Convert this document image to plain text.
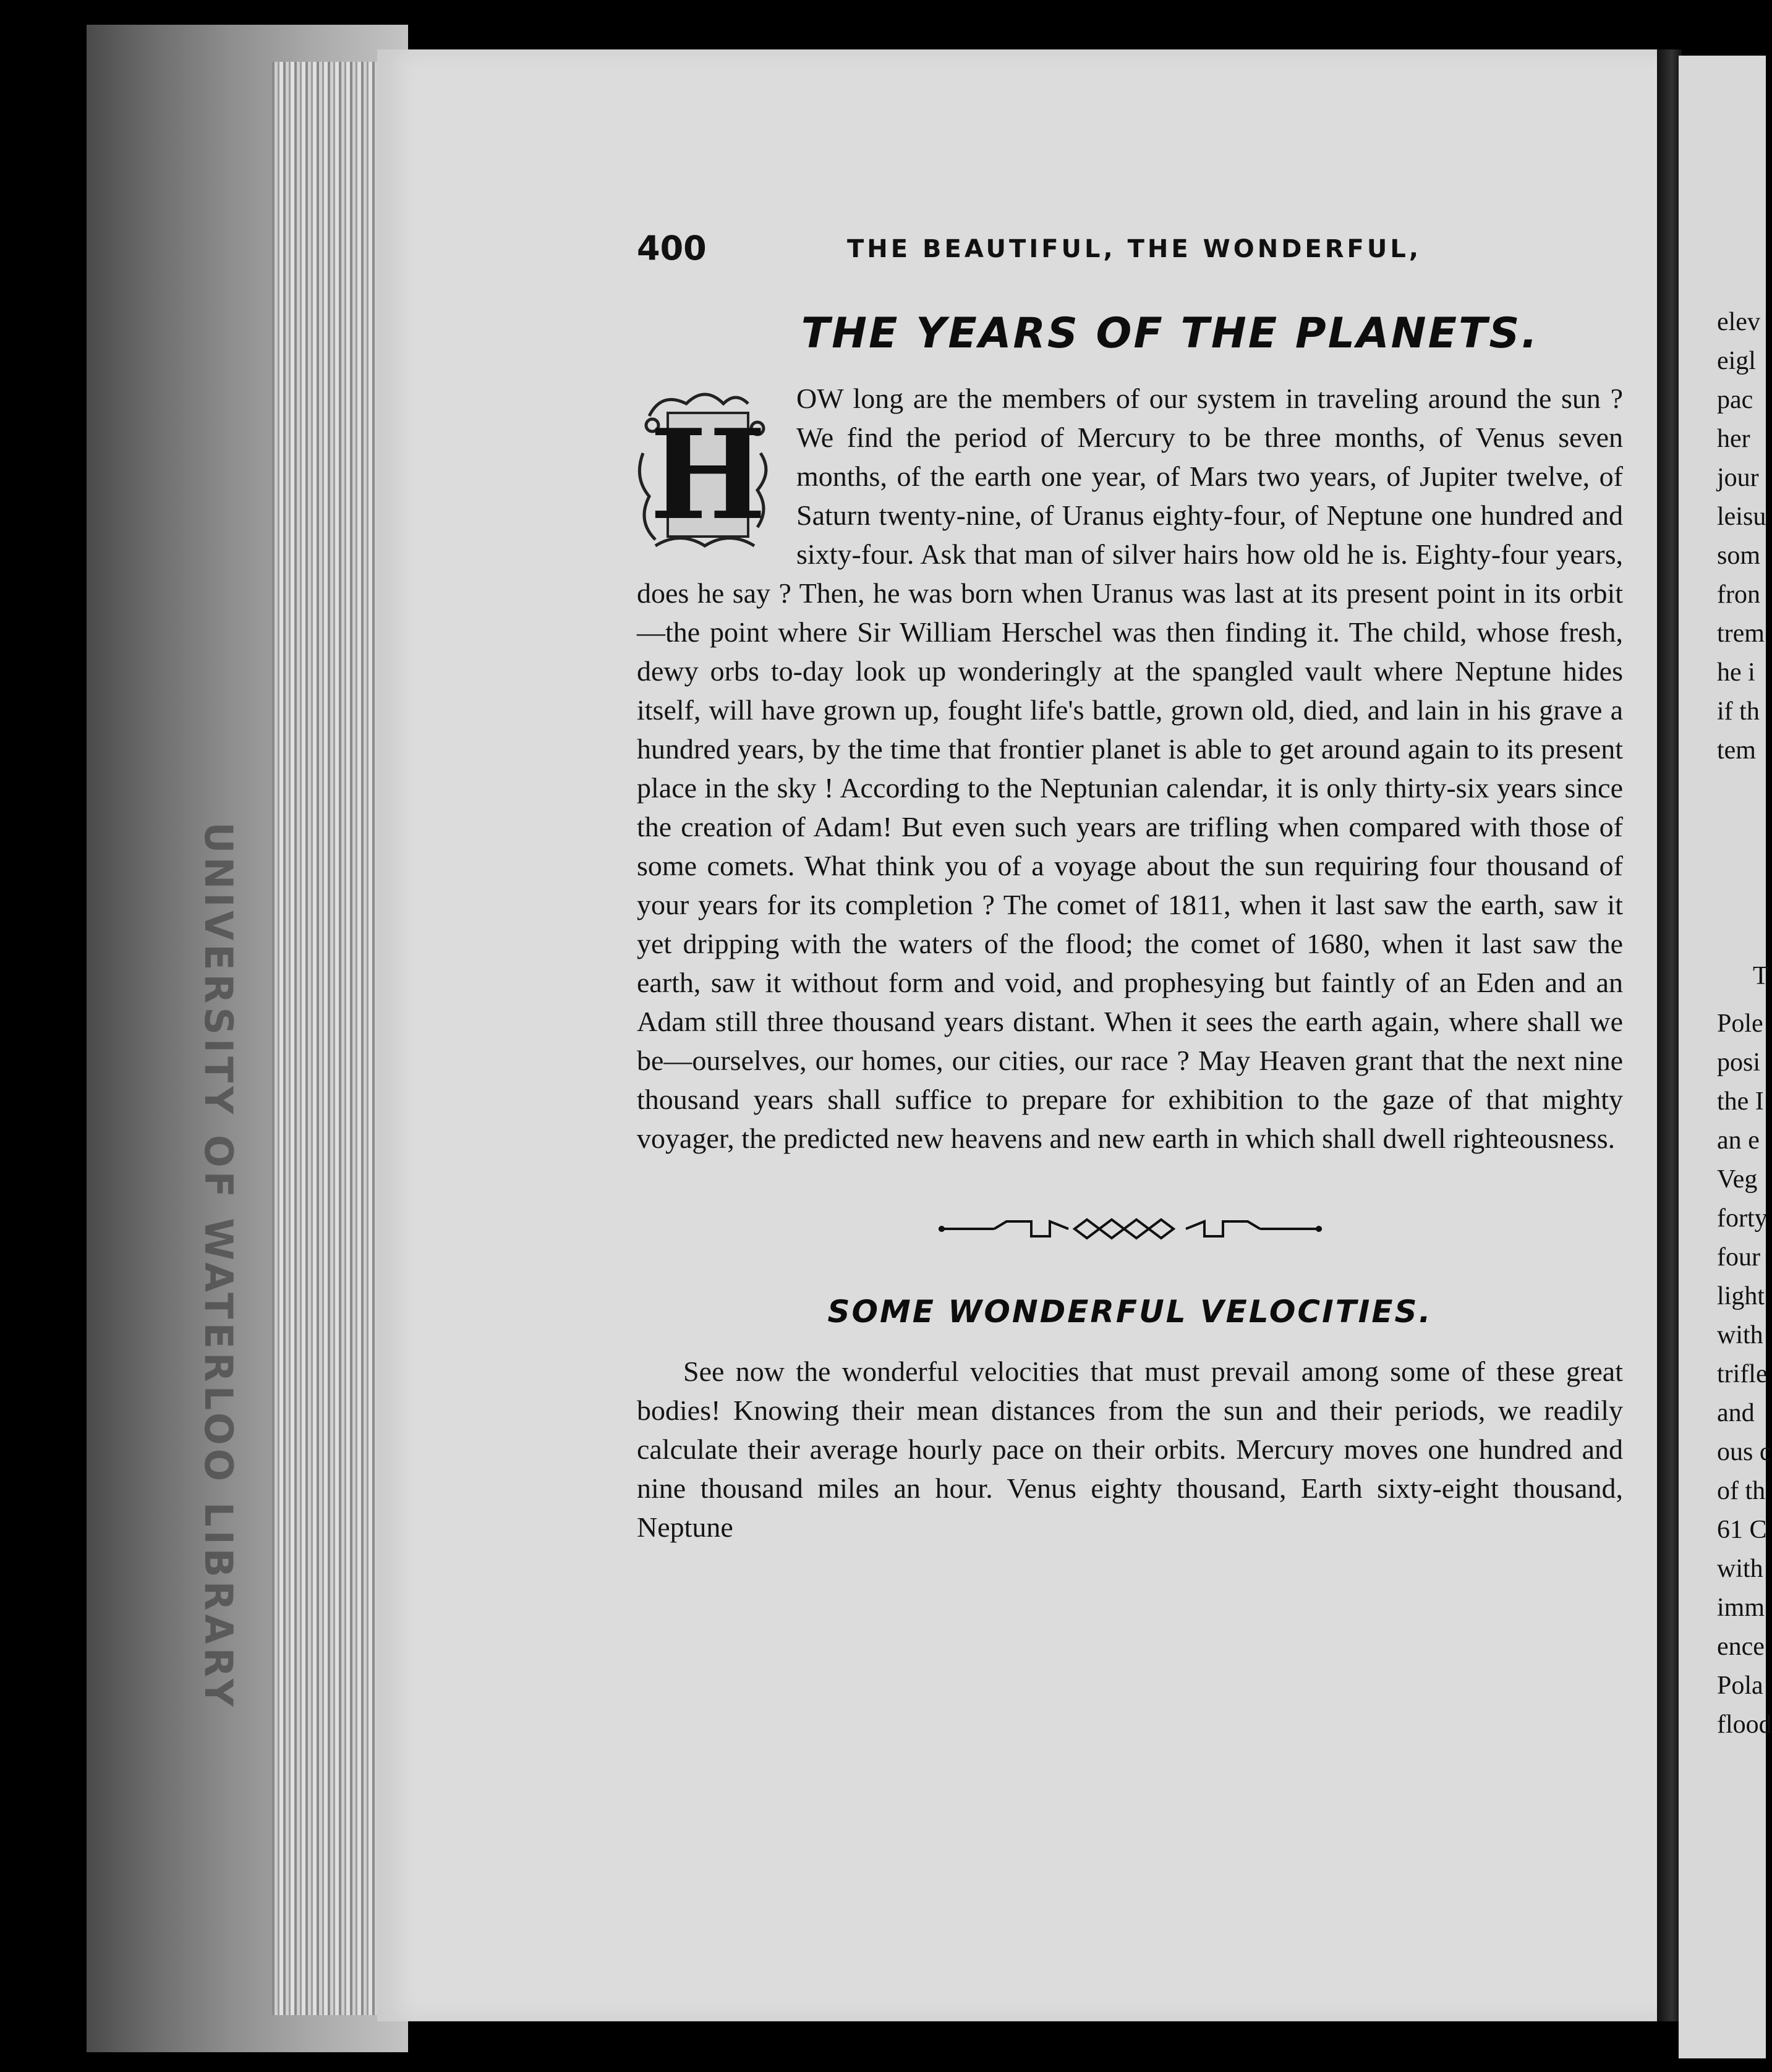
UNIVERSITY OF WATERLOO LIBRARY
400	THE BEAUTIFUL, THE WONDERFUL,
THE YEARS OF THE PLANETS.
H
OW long are the members of our system in traveling around the sun ? We find the period of Mercury to be three months, of Venus seven months, of the earth one year, of Mars two years, of Jupiter twelve, of Saturn twenty-nine, of Uranus eighty-four, of Neptune one hundred and sixty-four. Ask that man of silver hairs how old he is. Eighty-four years, does he say ? Then, he was born when Uranus was last at its present point in its orbit—the point where Sir William Herschel was then finding it. The child, whose fresh, dewy orbs to-day look up wonderingly at the spangled vault where Neptune hides itself, will have grown up, fought life's battle, grown old, died, and lain in his grave a hundred years, by the time that frontier planet is able to get around again to its present place in the sky ! According to the Neptunian calendar, it is only thirty-six years since the creation of Adam! But even such years are trifling when compared with those of some comets. What think you of a voyage about the sun requiring four thousand of your years for its completion ? The comet of 1811, when it last saw the earth, saw it yet dripping with the waters of the flood; the comet of 1680, when it last saw the earth, saw it without form and void, and prophesying but faintly of an Eden and an Adam still three thousand years distant. When it sees the earth again, where shall we be—ourselves, our homes, our cities, our race ? May Heaven grant that the next nine thousand years shall suffice to prepare for exhibition to the gaze of that mighty voyager, the predicted new heavens and new earth in which shall dwell righteousness.
SOME WONDERFUL VELOCITIES.
See now the wonderful velocities that must prevail among some of these great bodies! Knowing their mean distances from the sun and their periods, we readily calculate their average hourly pace on their orbits. Mercury moves one hundred and nine thousand miles an hour. Venus eighty thousand, Earth sixty-eight thousand, Neptune
elev
eigl
pac
her
jour
leisu
som
fron
trem
he i
if th
tem
T
Pole
posi
the I
an e
Veg
forty
four
light
with
trifle
and
ous c
of th
61 C
with
imm
ence
Pola
flood
